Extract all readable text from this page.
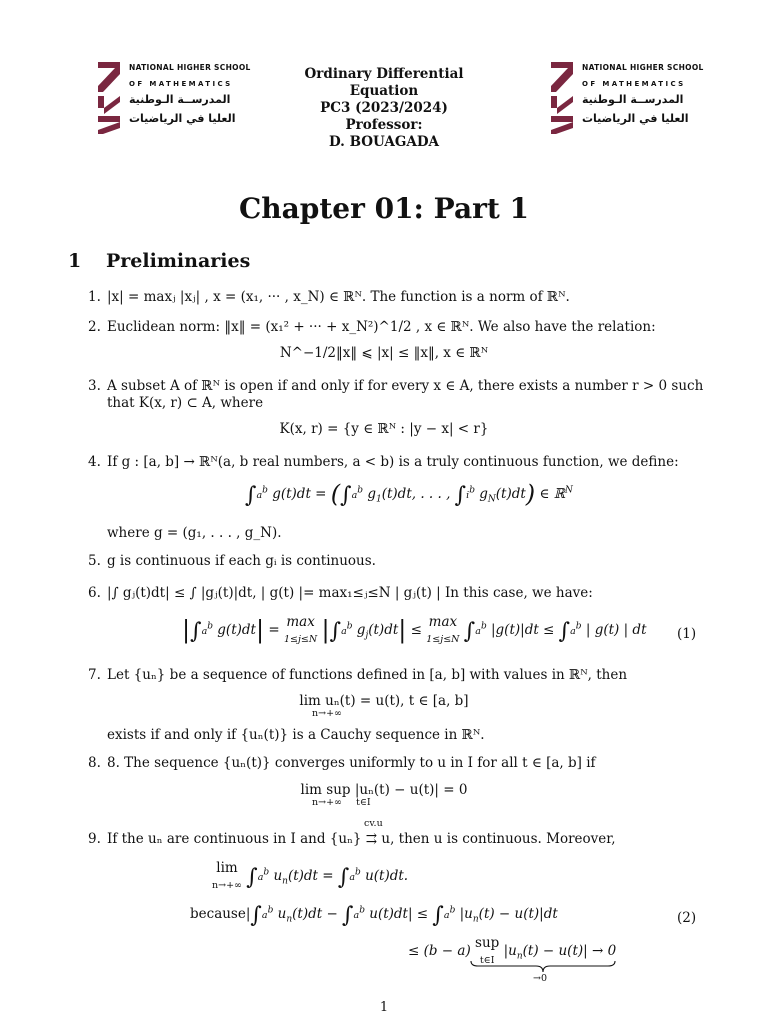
NATIONAL HIGHER SCHOOL
OF MATHEMATICS
المدرســة الـوطنية
العليا في الرياضيات
Ordinary Differential
Equation
PC3 (2023/2024)
Professor:
D. BOUAGADA
NATIONAL HIGHER SCHOOL
OF MATHEMATICS
المدرســة الـوطنية
العليا في الرياضيات
Chapter 01: Part 1
1 Preliminaries
1. |x| = maxⱼ |xⱼ| , x = (x₁, ··· , x_N) ∈ ℝᴺ. The function is a norm of ℝᴺ.
2. Euclidean norm: ‖x‖ = (x₁² + ··· + x_N²)^1/2 , x ∈ ℝᴺ. We also have the relation:
N^−1/2‖x‖ ⩽ |x| ≤ ‖x‖, x ∈ ℝᴺ
3. A subset A of ℝᴺ is open if and only if for every x ∈ A, there exists a number r > 0 such
that K(x, r) ⊂ A, where
K(x, r) = {y ∈ ℝᴺ : |y − x| < r}
4. If g : [a, b] → ℝᴺ(a, b real numbers, a < b) is a truly continuous function, we define:
$\int a^b$ $g(t)dt = (\int a^b$ $g_1(t)dt$, . . . , $\int i^b$ $g_N(t)dt$) ∈ ℝ$^N$
where g = (g₁, . . . , g_N).
5. g is continuous if each gᵢ is continuous.
6. |∫ gⱼ(t)dt| ≤ ∫ |gⱼ(t)|dt, | g(t) |= max₁≤ⱼ≤N | gⱼ(t) | In this case, we have:
$|\int a^b$ g(t)dt| = max
1≤j≤N $|\int a^b$ $g_j(t)dt| \le \max$
1≤j≤N $\int a^b$ $|g(t)|dt \le \int a^b$ | g(t) | dt (1)
7. Let {uₙ} be a sequence of functions defined in [a, b] with values in ℝᴺ, then
lim uₙ(t) = u(t), t ∈ [a, b]
n→+∞
exists if and only if {uₙ(t)} is a Cauchy sequence in ℝᴺ.
8. 8. The sequence {uₙ(t)} converges uniformly to u in I for all t ∈ [a, b] if
lim sup |uₙ(t) − u(t)| = 0
n→+∞ t∈I
cv.u
9. If the uₙ are continuous in I and {uₙ} ⇉ u, then u is continuous. Moreover,
lim
n→+∞ $\int a^b$ $u_n(t)dt = \int a^b$ u(t)dt.
$because|\int a^b$ $u_n(t)dt - \int a^b$ $u(t)dt| \le \int a^b$ $|u_n(t) - u(t)|dt$	(2)
≤ (b − a) sup
t∈I $|u_n(t) - u(t)| \to 0$
→0
1
